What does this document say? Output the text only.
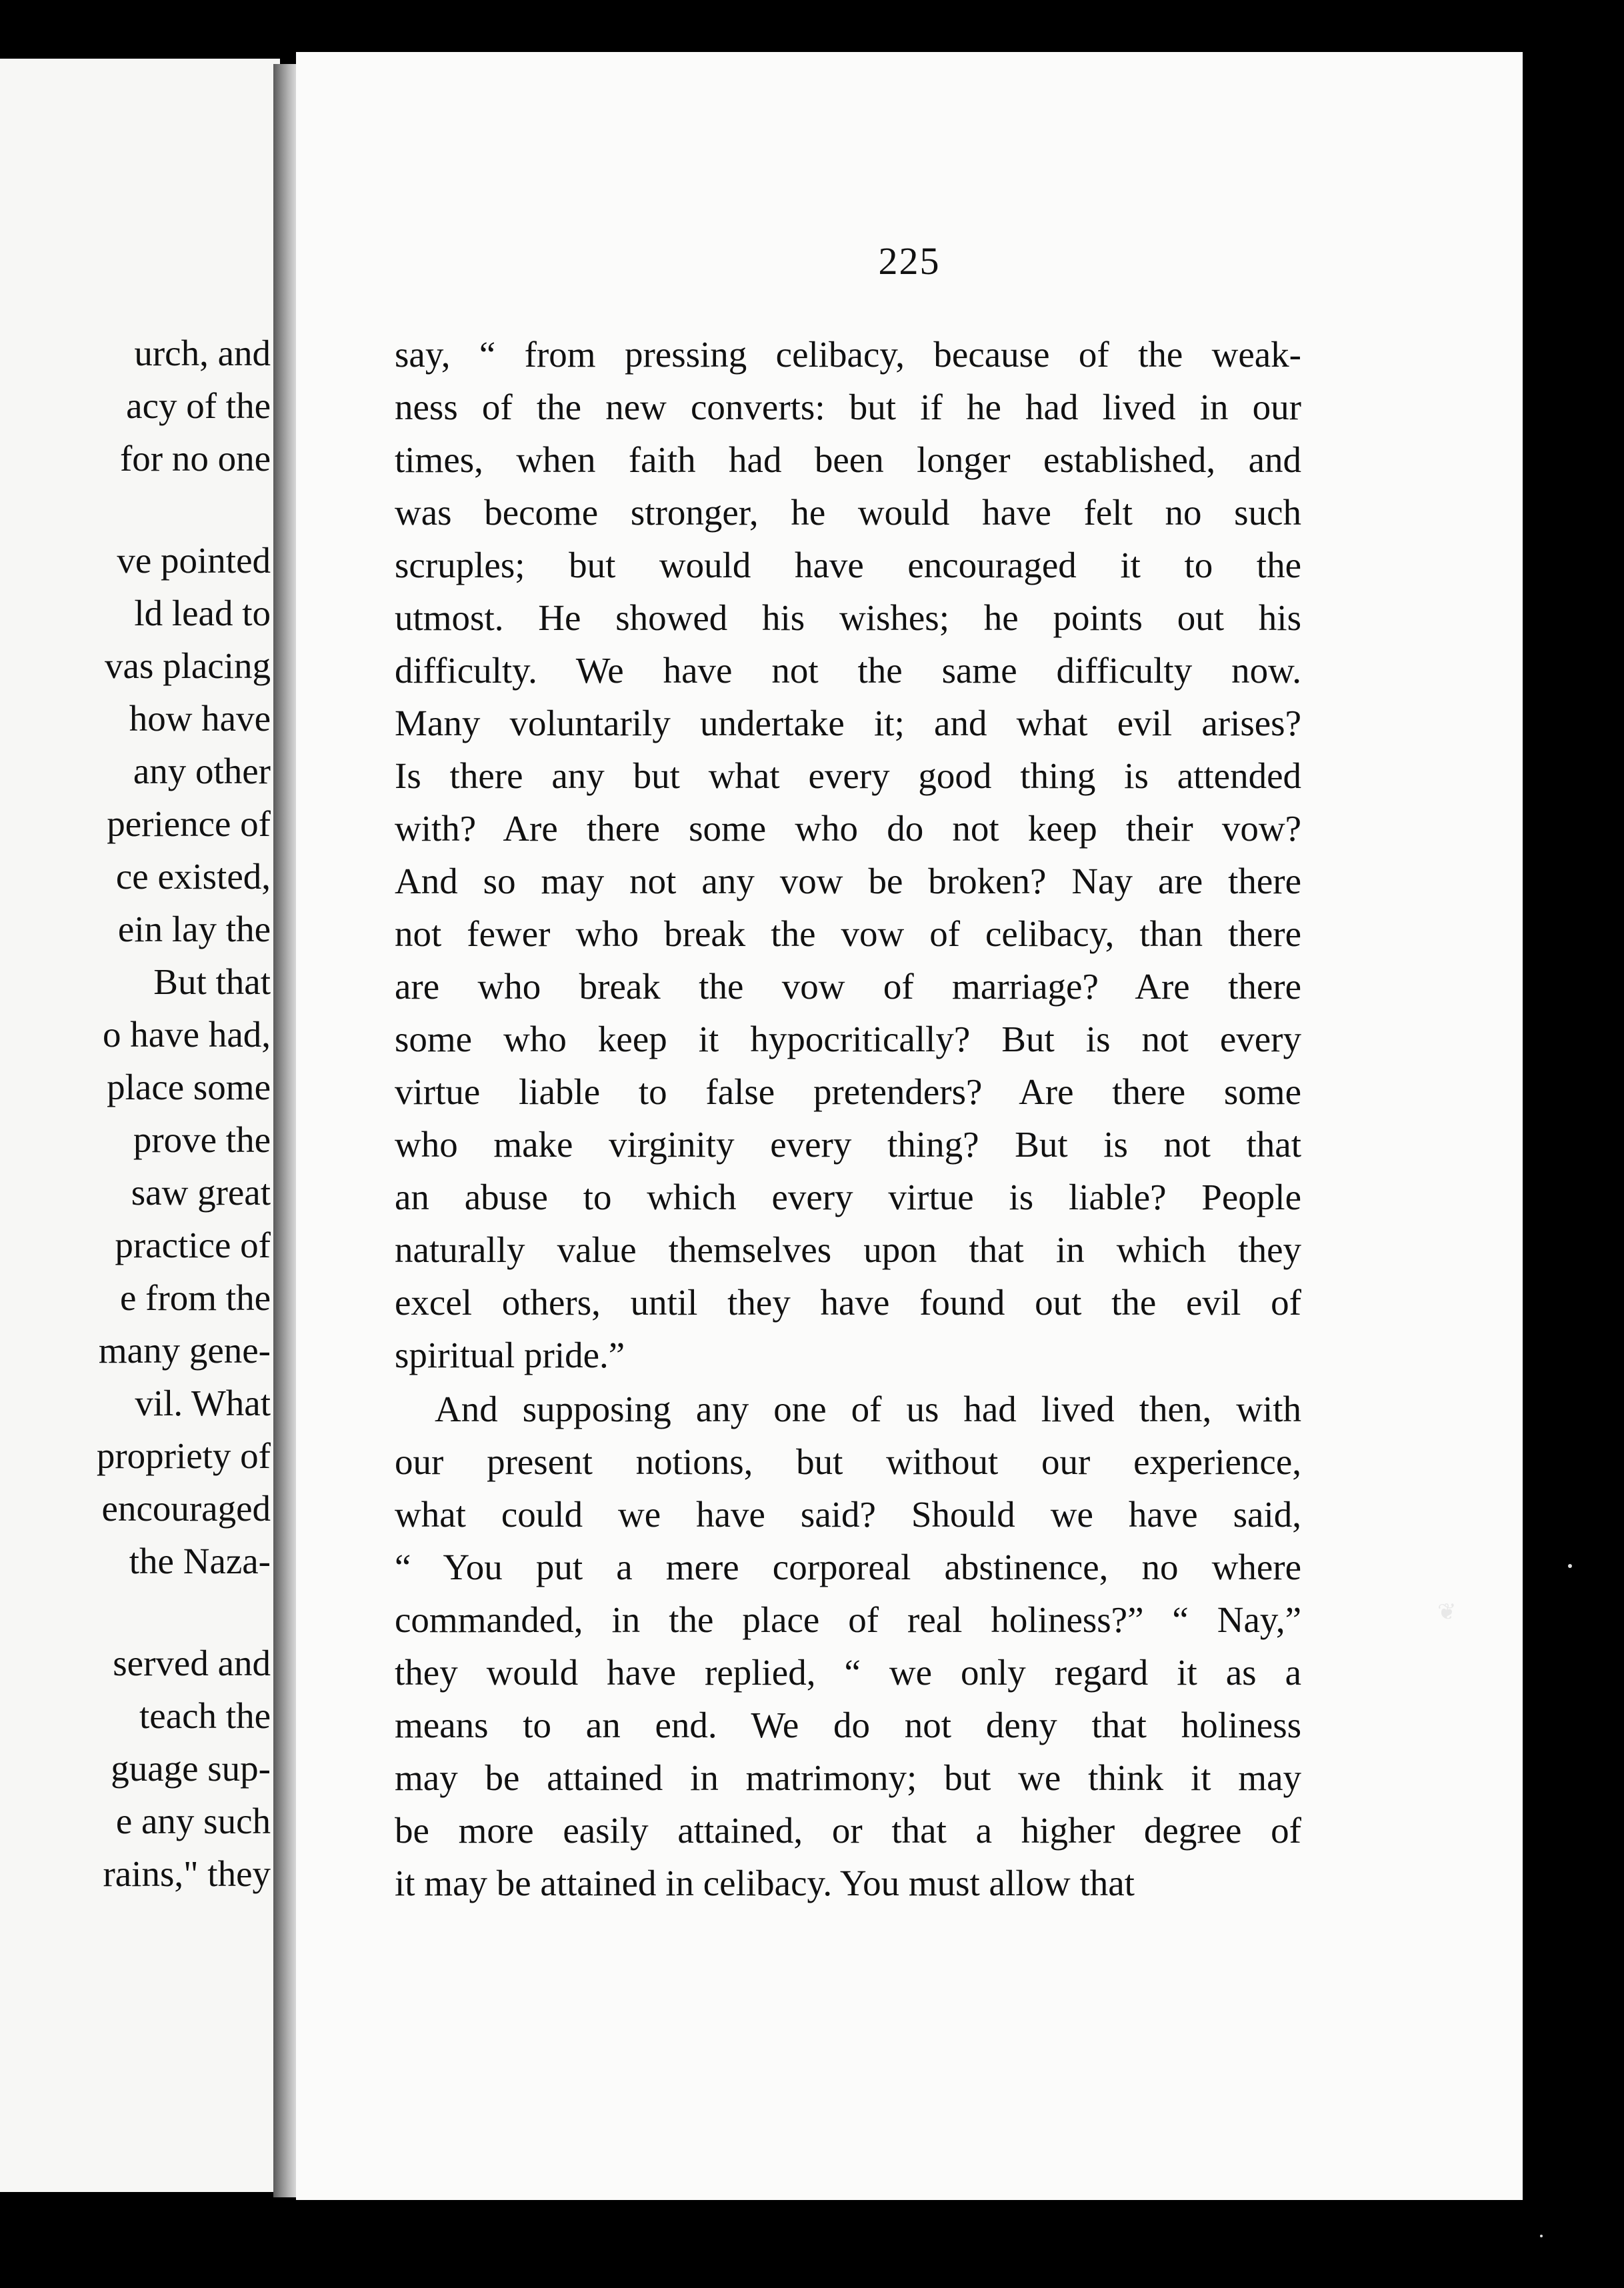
urch, and
acy of the
for no one
ve pointed
ld lead to
vas placing
how have
any other
perience of
ce existed,
ein lay the
But that
o have had,
place some
prove the
saw great
practice of
e from the
many gene-
vil. What
propriety of
encouraged
the Naza-
served and
teach the
guage sup-
e any such
rains," they
225
say, “ from pressing celibacy, because of the weak-
ness of the new converts: but if he had lived in our
times, when faith had been longer established, and
was become stronger, he would have felt no such
scruples; but would have encouraged it to the
utmost. He showed his wishes; he points out his
difficulty. We have not the same difficulty now.
Many voluntarily undertake it; and what evil arises?
Is there any but what every good thing is attended
with? Are there some who do not keep their vow?
And so may not any vow be broken? Nay are there
not fewer who break the vow of celibacy, than there
are who break the vow of marriage? Are there
some who keep it hypocritically? But is not every
virtue liable to false pretenders? Are there some
who make virginity every thing? But is not that
an abuse to which every virtue is liable? People
naturally value themselves upon that in which they
excel others, until they have found out the evil of
spiritual pride.”
And supposing any one of us had lived then, with
our present notions, but without our experience,
what could we have said? Should we have said,
“ You put a mere corporeal abstinence, no where
commanded, in the place of real holiness?” “ Nay,”
they would have replied, “ we only regard it as a
means to an end. We do not deny that holiness
may be attained in matrimony; but we think it may
be more easily attained, or that a higher degree of
it may be attained in celibacy. You must allow that
❦
